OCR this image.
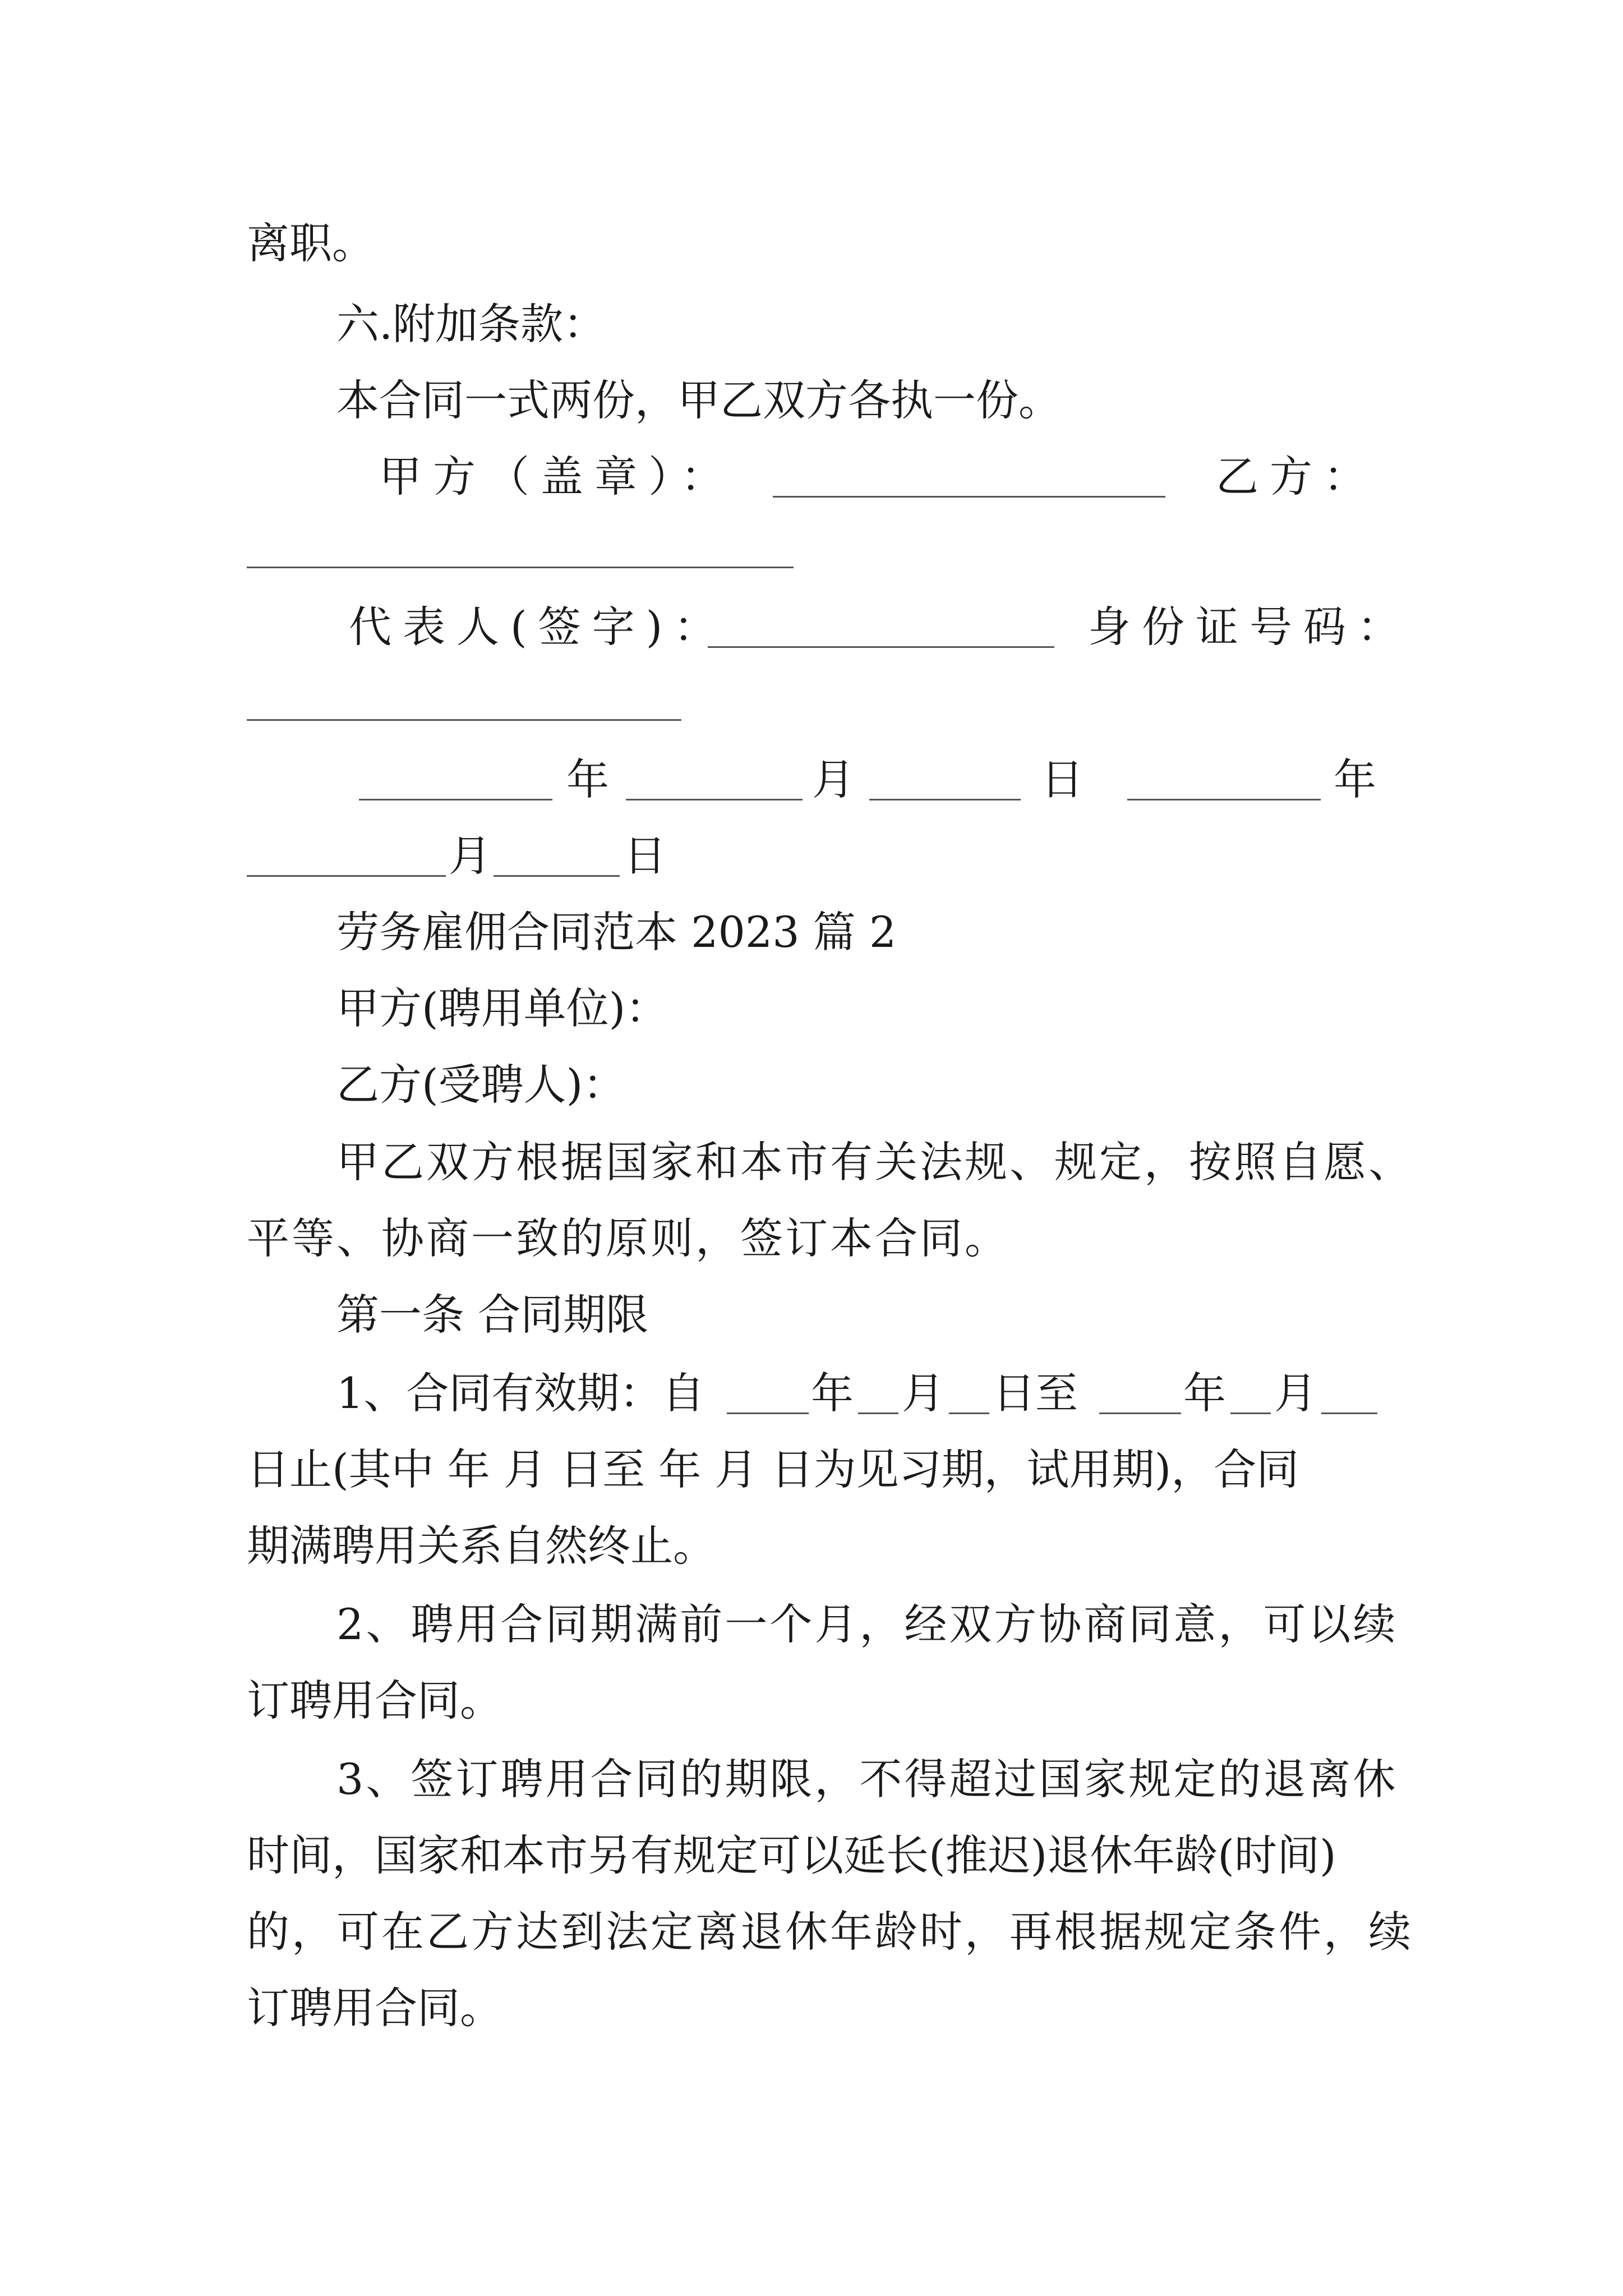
离职。
六.附加条款：
本合同一式两份，甲乙双方各执一份。
甲方（盖章）：	乙方：
代表人(签字)：	身份证号码：
年	月	日	年
月	日
劳务雇佣合同范本 2023 篇 2
甲方(聘用单位)：
乙方(受聘人)：
甲乙双方根据国家和本市有关法规、规定，按照自愿、
平等、协商一致的原则，签订本合同。
第一条 合同期限
1、合同有效期：自 年 月 日至 年 月
日止(其中 年 月 日至 年 月 日为见习期，试用期)，合同
期满聘用关系自然终止。
2、聘用合同期满前一个月，经双方协商同意，可以续
订聘用合同。
3、签订聘用合同的期限，不得超过国家规定的退离休
时间，国家和本市另有规定可以延长(推迟)退休年龄(时间)
的，可在乙方达到法定离退休年龄时，再根据规定条件，续
订聘用合同。
